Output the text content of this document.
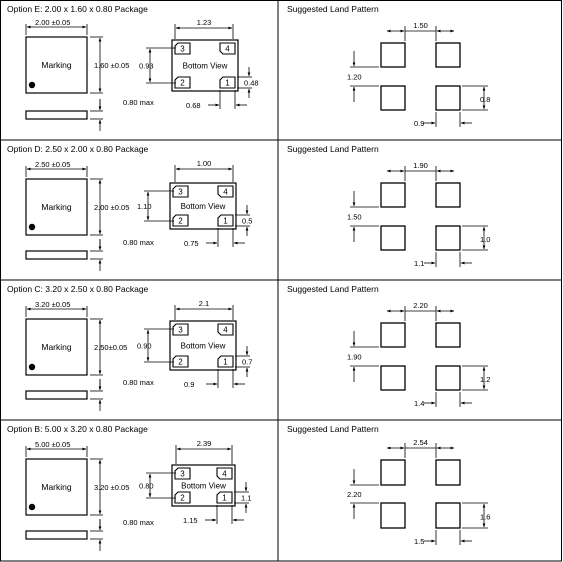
Option E: 2.00 x 1.60 x 0.80 Package	Suggested Land Pattern
Marking
2.00 ±0.05
1.60 ±0.05
0.80 max
3	4
2	1
Bottom View
1.23
0.93
0.48
0.68
1.50
1.20
0.8
0.9
Option D: 2.50 x 2.00 x 0.80 Package	Suggested Land Pattern
Marking
2.50 ±0.05
2.00 ±0.05
0.80 max
3	4
2	1
Bottom View
1.00
1.10
0.5
0.75
1.90
1.50
1.0
1.1
Option C: 3.20 x 2.50 x 0.80 Package	Suggested Land Pattern
Marking
3.20 ±0.05
2.50±0.05
0.80 max
3	4
2	1
Bottom View
2.1
0.90
0.7
0.9
2.20
1.90
1.2
1.4
Option B: 5.00 x 3.20 x 0.80 Package	Suggested Land Pattern
Marking
5.00 ±0.05
3.20 ±0.05
0.80 max
3	4
2	1
Bottom View
2.39
0.80
1.1
1.15
2.54
2.20
1.6
1.5
